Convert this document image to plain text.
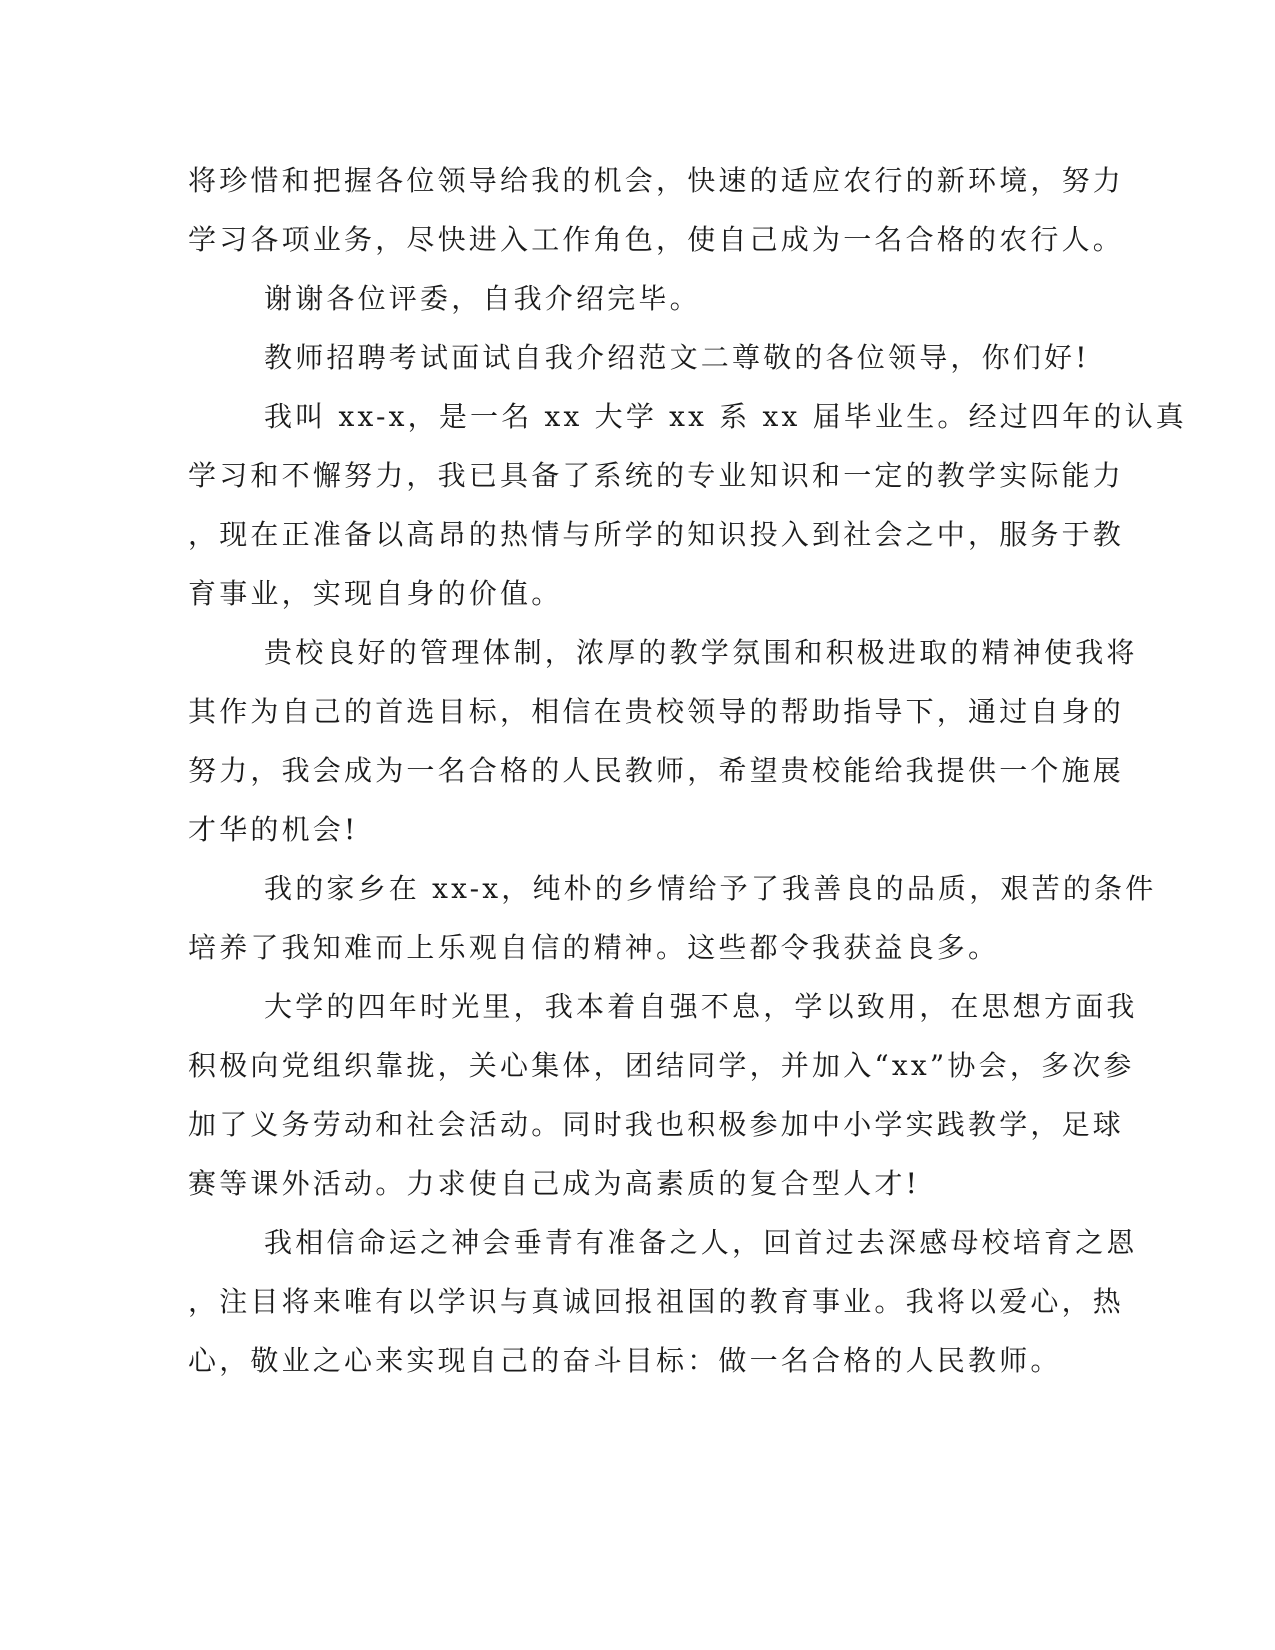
将珍惜和把握各位领导给我的机会，快速的适应农行的新环境，努力
学习各项业务，尽快进入工作角色，使自己成为一名合格的农行人。
谢谢各位评委，自我介绍完毕。
教师招聘考试面试自我介绍范文二尊敬的各位领导，你们好!
我叫 xx-x，是一名 xx 大学 xx 系 xx 届毕业生。经过四年的认真
学习和不懈努力，我已具备了系统的专业知识和一定的教学实际能力
，现在正准备以高昂的热情与所学的知识投入到社会之中，服务于教
育事业，实现自身的价值。
贵校良好的管理体制，浓厚的教学氛围和积极进取的精神使我将
其作为自己的首选目标，相信在贵校领导的帮助指导下，通过自身的
努力，我会成为一名合格的人民教师，希望贵校能给我提供一个施展
才华的机会!
我的家乡在 xx-x，纯朴的乡情给予了我善良的品质，艰苦的条件
培养了我知难而上乐观自信的精神。这些都令我获益良多。
大学的四年时光里，我本着自强不息，学以致用，在思想方面我
积极向党组织靠拢，关心集体，团结同学，并加入“xx”协会，多次参
加了义务劳动和社会活动。同时我也积极参加中小学实践教学，足球
赛等课外活动。力求使自己成为高素质的复合型人才!
我相信命运之神会垂青有准备之人，回首过去深感母校培育之恩
，注目将来唯有以学识与真诚回报祖国的教育事业。我将以爱心，热
心，敬业之心来实现自己的奋斗目标：做一名合格的人民教师。
